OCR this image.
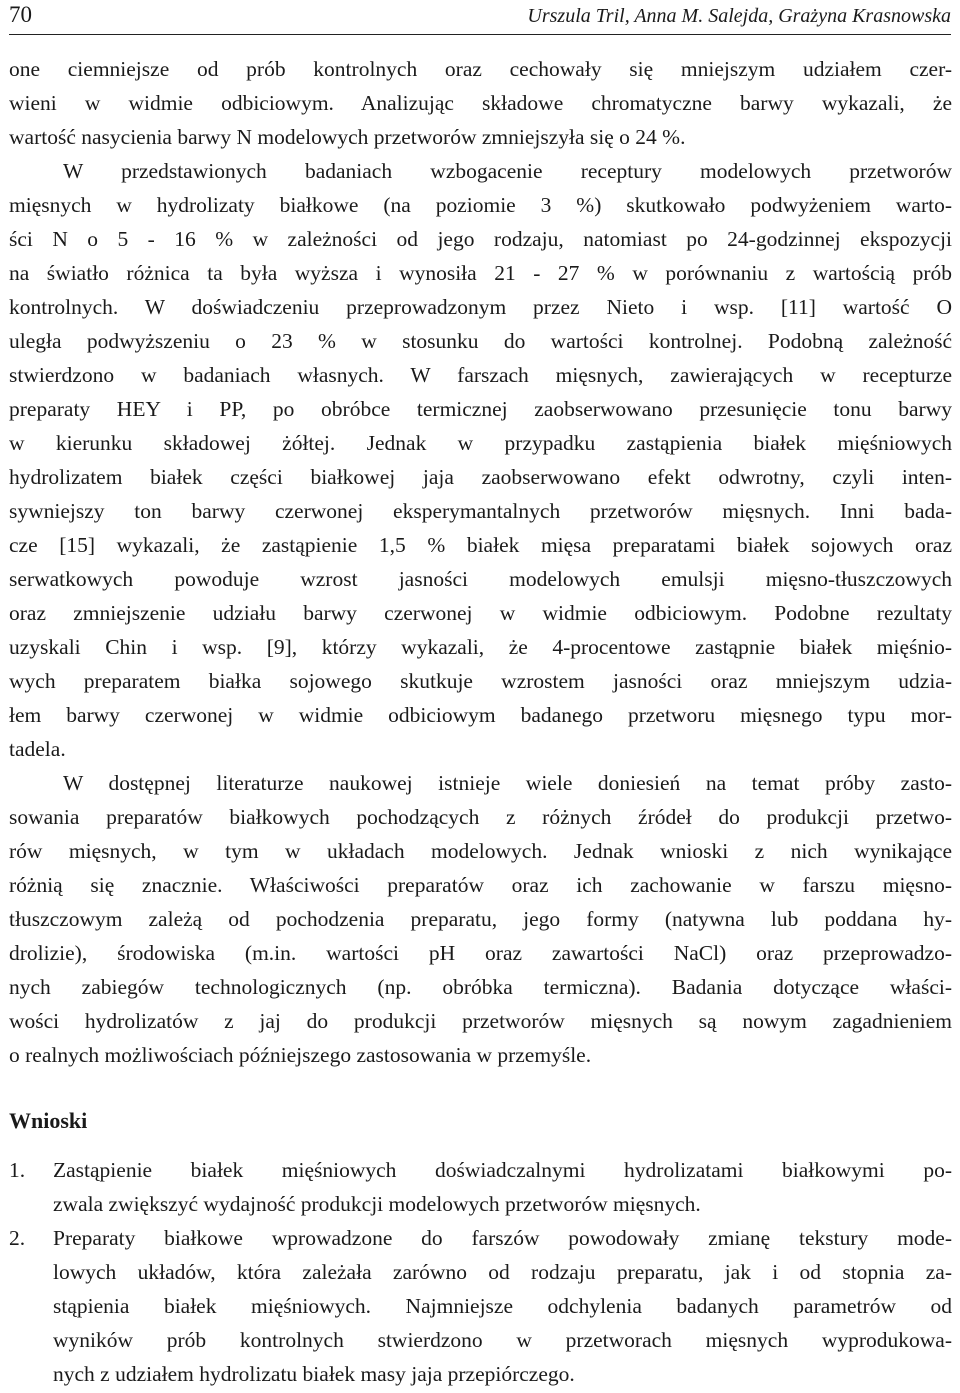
70	Urszula Tril, Anna M. Salejda, Grażyna Krasnowska
one ciemniejsze od prób kontrolnych oraz cechowały się mniejszym udziałem czer-
wieni w widmie odbiciowym. Analizując składowe chromatyczne barwy wykazali, że
wartość nasycienia barwy N modelowych przetworów zmniejszyła się o 24 %.
W przedstawionych badaniach wzbogacenie receptury modelowych przetworów
mięsnych w hydrolizaty białkowe (na poziomie 3 %) skutkowało podwyżeniem warto-
ści N o 5 - 16 % w zależności od jego rodzaju, natomiast po 24-godzinnej ekspozycji
na światło różnica ta była wyższa i wynosiła 21 - 27 % w porównaniu z wartością prób
kontrolnych. W doświadczeniu przeprowadzonym przez Nieto i wsp. [11] wartość O
uległa podwyższeniu o 23 % w stosunku do wartości kontrolnej. Podobną zależność
stwierdzono w badaniach własnych. W farszach mięsnych, zawierających w recepturze
preparaty HEY i PP, po obróbce termicznej zaobserwowano przesunięcie tonu barwy
w kierunku składowej żółtej. Jednak w przypadku zastąpienia białek mięśniowych
hydrolizatem białek części białkowej jaja zaobserwowano efekt odwrotny, czyli inten-
sywniejszy ton barwy czerwonej eksperymantalnych przetworów mięsnych. Inni bada-
cze [15] wykazali, że zastąpienie 1,5 % białek mięsa preparatami białek sojowych oraz
serwatkowych powoduje wzrost jasności modelowych emulsji mięsno-tłuszczowych
oraz zmniejszenie udziału barwy czerwonej w widmie odbiciowym. Podobne rezultaty
uzyskali Chin i wsp. [9], którzy wykazali, że 4-procentowe zastąpnie białek mięśnio-
wych preparatem białka sojowego skutkuje wzrostem jasności oraz mniejszym udzia-
łem barwy czerwonej w widmie odbiciowym badanego przetworu mięsnego typu mor-
tadela.
W dostępnej literaturze naukowej istnieje wiele doniesień na temat próby zasto-
sowania preparatów białkowych pochodzących z różnych źródeł do produkcji przetwo-
rów mięsnych, w tym w układach modelowych. Jednak wnioski z nich wynikające
różnią się znacznie. Właściwości preparatów oraz ich zachowanie w farszu mięsno-
tłuszczowym zależą od pochodzenia preparatu, jego formy (natywna lub poddana hy-
drolizie), środowiska (m.in. wartości pH oraz zawartości NaCl) oraz przeprowadzo-
nych zabiegów technologicznych (np. obróbka termiczna). Badania dotyczące właści-
wości hydrolizatów z jaj do produkcji przetworów mięsnych są nowym zagadnieniem
o realnych możliwościach późniejszego zastosowania w przemyśle.
Wnioski
1. Zastąpienie białek mięśniowych doświadczalnymi hydrolizatami białkowymi po-
zwala zwiększyć wydajność produkcji modelowych przetworów mięsnych.
2. Preparaty białkowe wprowadzone do farszów powodowały zmianę tekstury mode-
lowych układów, która zależała zarówno od rodzaju preparatu, jak i od stopnia za-
stąpienia białek mięśniowych. Najmniejsze odchylenia badanych parametrów od
wyników prób kontrolnych stwierdzono w przetworach mięsnych wyprodukowa-
nych z udziałem hydrolizatu białek masy jaja przepiórczego.
